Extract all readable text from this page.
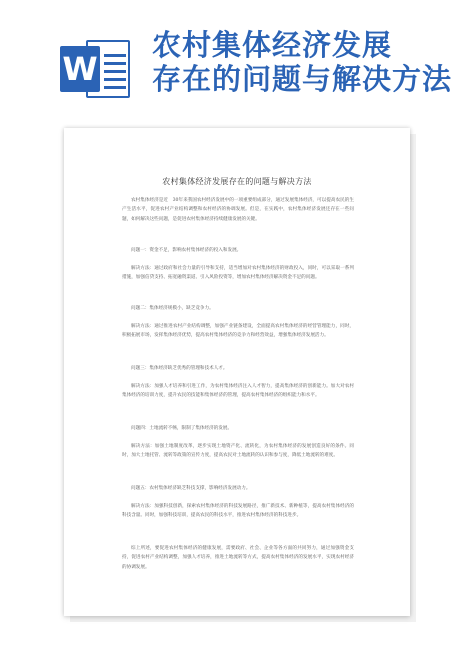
W
农村集体经济发展
存在的问题与解决方法
农村集体经济发展存在的问题与解决方法
农村集体经济是近　30年来我国农村经济发展中的一项重要组成部分，通过发展集体经济，可以提高农民的生产生活水平，促进农村产业结构调整和农村经济的协调发展。但是，在实践中，农村集体经济发展还存在一些问题，如何解决这些问题，是促进农村集体经济持续健康发展的关键。
问题一：资金不足，影响农村集体经济的投入和发展。
解决方法：通过政府和社会力量的引导和支持，适当增加对农村集体经济的财政投入，同时，可以采取一系列措施，加强信贷支持、拓宽融资渠道、引入风险投资等，增加农村集体经济解决资金不足的问题。
问题二：集体经济规模小，缺乏竞争力。
解决方法：通过推进农村产业结构调整，加强产业链条建设，全面提高农村集体经济的经营管理能力，同时，积极拓展市场，发挥集体经济优势，提高农村集体经济的竞争力和经营效益，增强集体经济发展活力。
问题三：集体经济缺乏优秀的管理和技术人才。
解决方法：加强人才培养和引进工作，为农村集体经济注入人才智力，提高集体经济的创新能力。加大对农村集体经济的培训力度，提升农民的技能和集体经济的管理，提高农村集体经济的组织能力和水平。
问题四：土地流转不畅，限制了集体经济的发展。
解决方法：加强土地制度改革，逐步实现土地资产化、流转化，为农村集体经济的发展创造良好的条件。同时，加大土地托管、流转等政策的宣传力度，提高农民对土地流转的认识和参与度，降低土地流转的难度。
问题五：农村集体经济缺乏科技支撑，影响经济发展动力。
解决方法：加强科技创新，探索农村集体经济的科技发展路径，推广新技术、新种植等，提高农村集体经济的科技含量。同时，加强科技培训，提高农民的科技水平，推进农村集体经济的科技进步。
综上所述，要促进农村集体经济的健康发展，需要政府、社会、企业等各方面的共同努力，通过加强资金支持，促进农村产业结构调整，加强人才培养，推进土地流转等方式，提高农村集体经济的发展水平，实现农村经济的协调发展。
